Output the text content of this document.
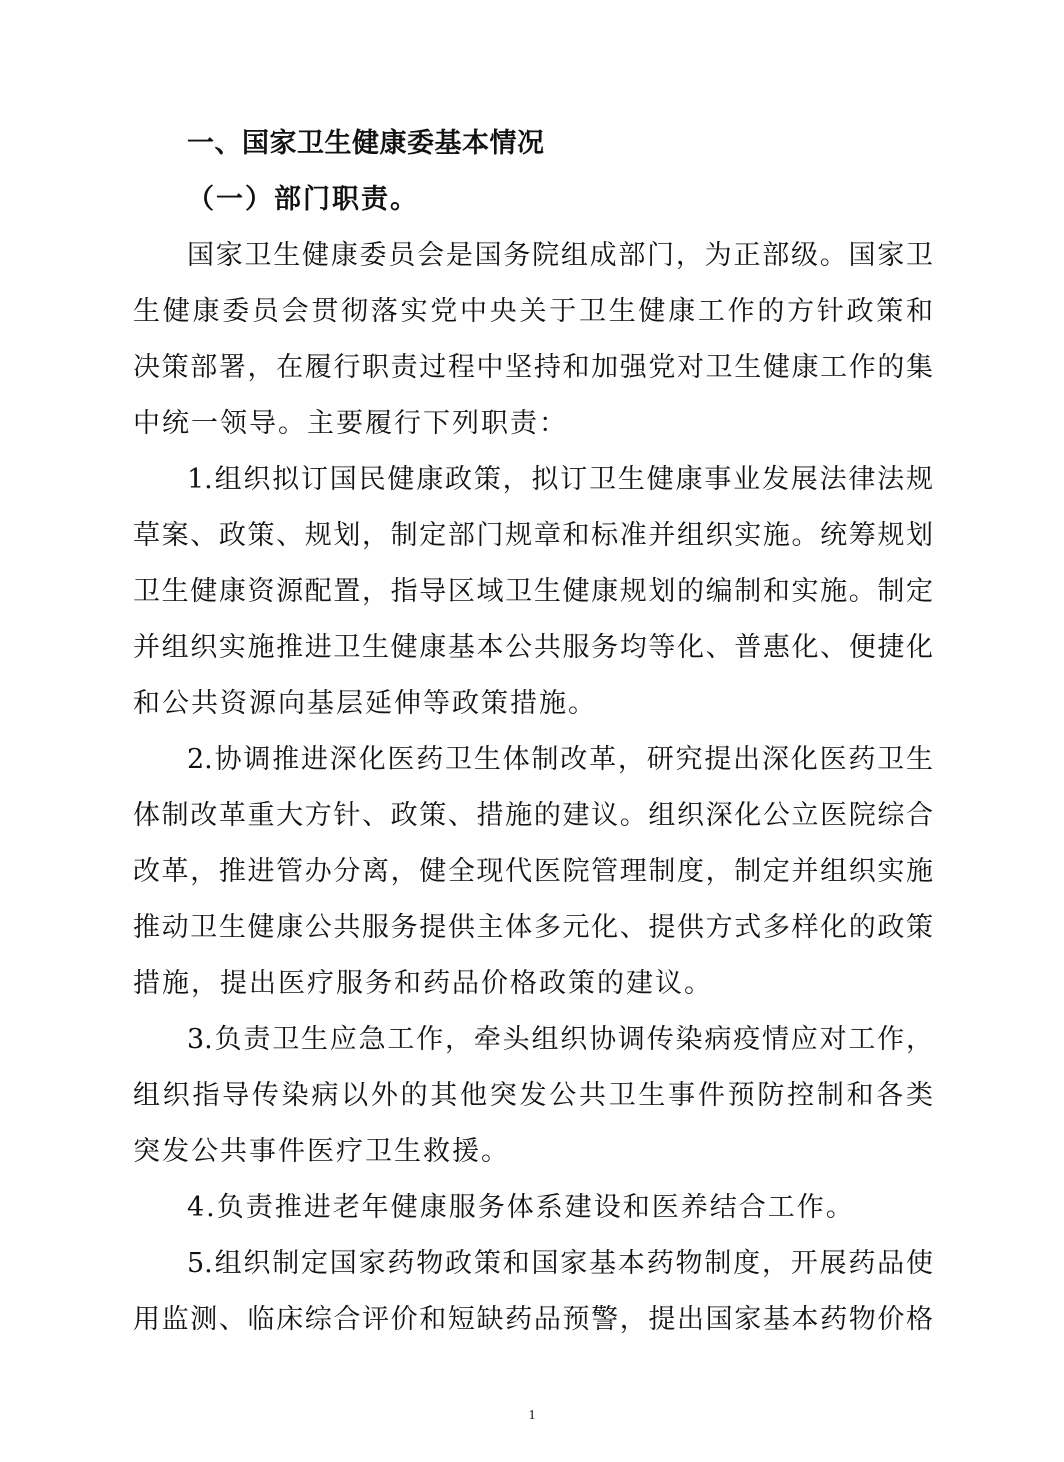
一、国家卫生健康委基本情况
（一）部门职责。
国家卫生健康委员会是国务院组成部门，为正部级。国家卫
生健康委员会贯彻落实党中央关于卫生健康工作的方针政策和
决策部署，在履行职责过程中坚持和加强党对卫生健康工作的集
中统一领导。主要履行下列职责：
1.组织拟订国民健康政策，拟订卫生健康事业发展法律法规
草案、政策、规划，制定部门规章和标准并组织实施。统筹规划
卫生健康资源配置，指导区域卫生健康规划的编制和实施。制定
并组织实施推进卫生健康基本公共服务均等化、普惠化、便捷化
和公共资源向基层延伸等政策措施。
2.协调推进深化医药卫生体制改革，研究提出深化医药卫生
体制改革重大方针、政策、措施的建议。组织深化公立医院综合
改革，推进管办分离，健全现代医院管理制度，制定并组织实施
推动卫生健康公共服务提供主体多元化、提供方式多样化的政策
措施，提出医疗服务和药品价格政策的建议。
3.负责卫生应急工作，牵头组织协调传染病疫情应对工作，
组织指导传染病以外的其他突发公共卫生事件预防控制和各类
突发公共事件医疗卫生救援。
4.负责推进老年健康服务体系建设和医养结合工作。
5.组织制定国家药物政策和国家基本药物制度，开展药品使
用监测、临床综合评价和短缺药品预警，提出国家基本药物价格
1
